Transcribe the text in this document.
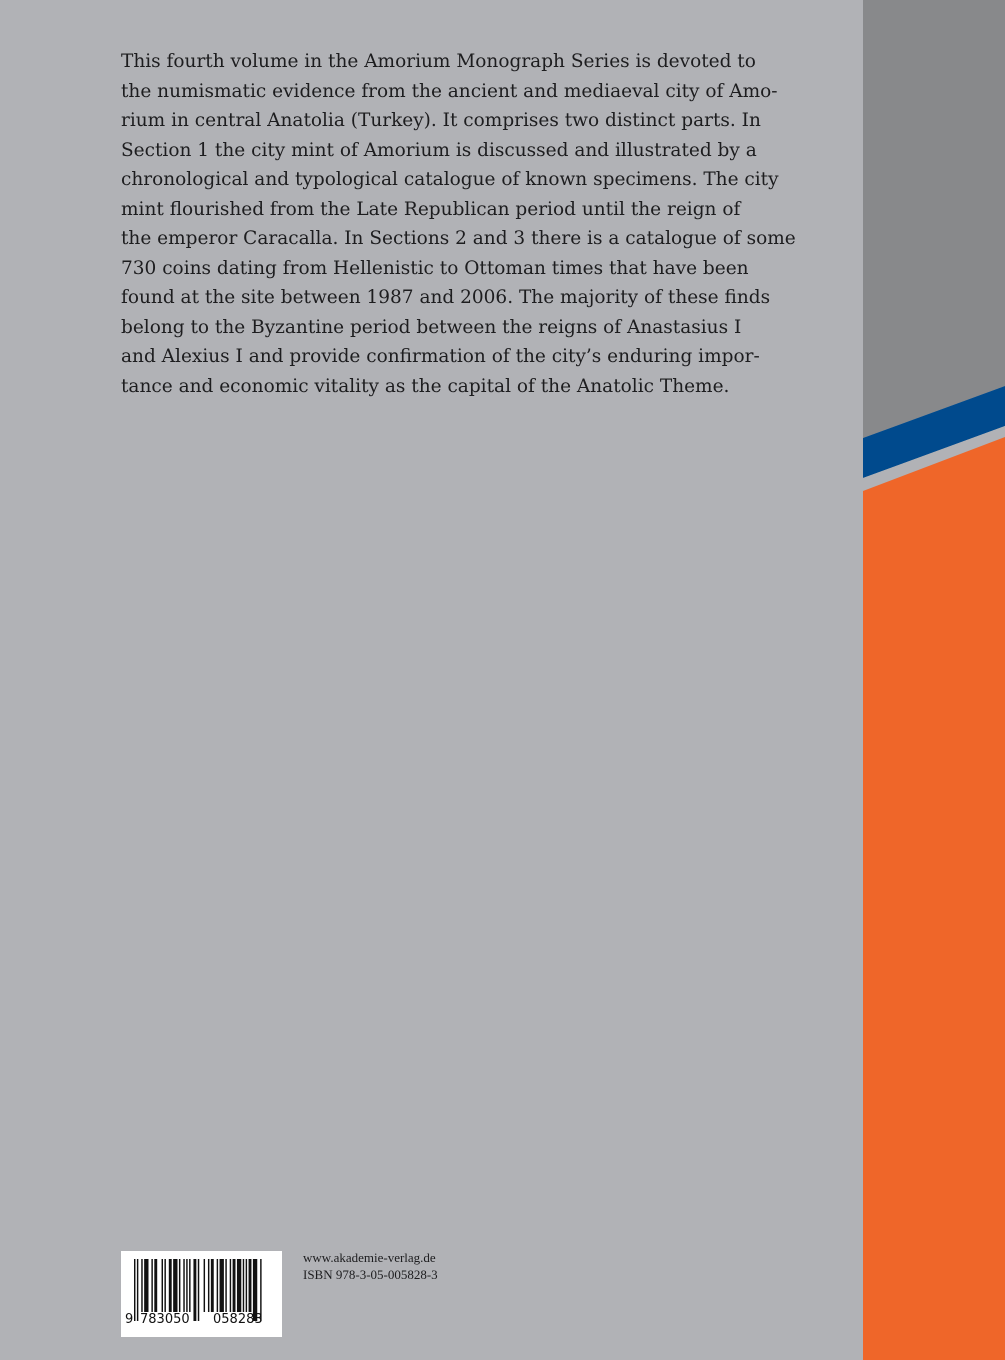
This fourth volume in the Amorium Monograph Series is devoted to
the numismatic evidence from the ancient and mediaeval city of Amo-
rium in central Anatolia (Turkey). It comprises two distinct parts. In
Section 1 the city mint of Amorium is discussed and illustrated by a
chronological and typological catalogue of known specimens. The city
mint flourished from the Late Republican period until the reign of
the emperor Caracalla. In Sections 2 and 3 there is a catalogue of some
730 coins dating from Hellenistic to Ottoman times that have been
found at the site between 1987 and 2006. The majority of these finds
belong to the Byzantine period between the reigns of Anastasius I
and Alexius I and provide confirmation of the city’s enduring impor-
tance and economic vitality as the capital of the Anatolic Theme.
9 783050 058283
www.akademie-verlag.de
ISBN 978-3-05-005828-3
